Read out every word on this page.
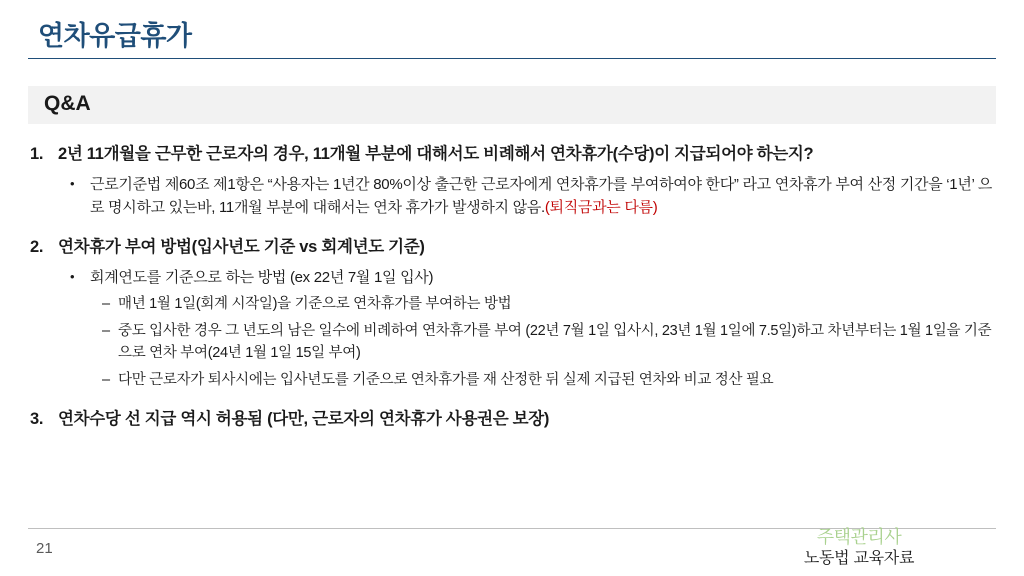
연차유급휴가
Q&A
1. 2년 11개월을 근무한 근로자의 경우, 11개월 부분에 대해서도 비례해서 연차휴가(수당)이 지급되어야 하는지?
•	근로기준법 제60조 제1항은 “사용자는 1년간 80%이상 출근한 근로자에게 연차휴가를 부여하여야 한다” 라고 연차휴가 부여 산정 기간을 ‘1년’ 으로 명시하고 있는바, 11개월 부분에 대해서는 연차 휴가가 발생하지 않음.(퇴직금과는 다름)
2. 연차휴가 부여 방법(입사년도 기준 vs 회계년도 기준)
•	회계연도를 기준으로 하는 방법 (ex 22년 7월 1일 입사)
– 매년 1월 1일(회계 시작일)을 기준으로 연차휴가를 부여하는 방법
– 중도 입사한 경우 그 년도의 남은 일수에 비례하여 연차휴가를 부여 (22년 7월 1일 입사시, 23년 1월 1일에 7.5일)하고 차년부터는 1월 1일을 기준으로 연차 부여(24년 1월 1일 15일 부여)
– 다만 근로자가 퇴사시에는 입사년도를 기준으로 연차휴가를 재 산정한 뒤 실제 지급된 연차와 비교 정산 필요
3. 연차수당 선 지급 역시 허용됨 (다만, 근로자의 연차휴가 사용권은 보장)
21
주택관리사
노동법 교육자료
